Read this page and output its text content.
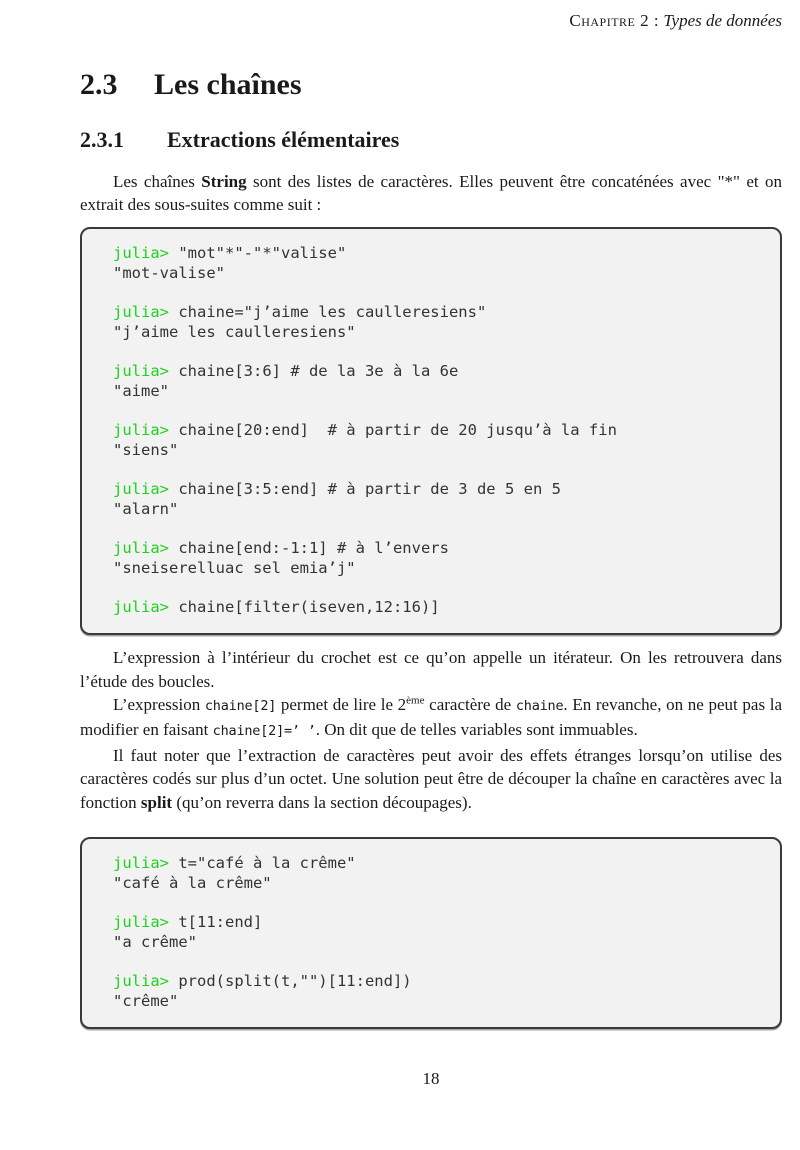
Chapitre 2 : Types de données
2.3 Les chaînes
2.3.1 Extractions élémentaires

Les chaînes String sont des listes de caractères. Elles peuvent être concaténées avec "*" et on extrait des sous-suites comme suit :

julia> "mot"*"-"*"valise"
"mot-valise"

julia> chaine="j’aime les caulleresiens"
"j’aime les caulleresiens"

julia> chaine[3:6] # de la 3e à la 6e
"aime"

julia> chaine[20:end]  # à partir de 20 jusqu’à la fin
"siens"

julia> chaine[3:5:end] # à partir de 3 de 5 en 5
"alarn"

julia> chaine[end:-1:1] # à l’envers
"sneiserelluac sel emia’j"

julia> chaine[filter(iseven,12:16)]

L’expression à l’intérieur du crochet est ce qu’on appelle un itérateur. On les retrouvera dans l’étude des boucles.

L’expression chaine[2] permet de lire le 2ème caractère de chaine. En revanche, on ne peut pas la modifier en faisant chaine[2]=’ ’. On dit que de telles variables sont immuables.

Il faut noter que l’extraction de caractères peut avoir des effets étranges lorsqu’on utilise des caractères codés sur plus d’un octet. Une solution peut être de découper la chaîne en caractères avec la fonction split (qu’on reverra dans la section découpages).

julia> t="café à la crême"
"café à la crême"

julia> t[11:end]
"a crême"

julia> prod(split(t,"")[11:end])
"crême"
18
